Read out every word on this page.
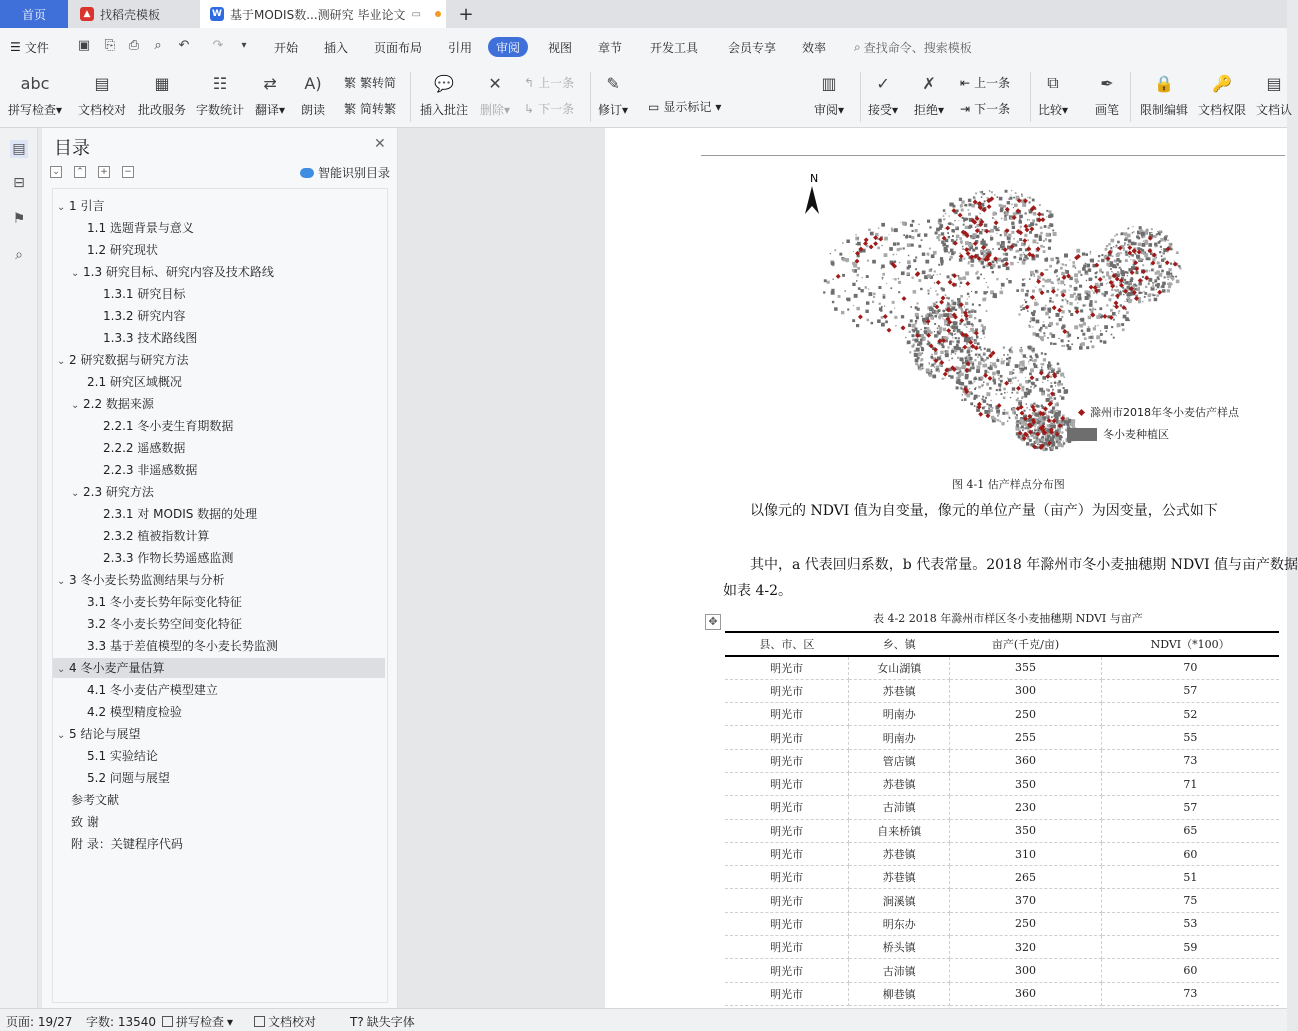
首页	▲ 找稻壳模板	W 基于MODIS数...测研究 毕业论文 ▭ +
☰ 文件 ▣ ⎘ ⎙	⌕	↶ ↷	▾	开始 插入 页面布局 引用 审阅 视图 章节 开发工具 会员专享 效率 ⌕ 查找命令、搜索模板
abc
拼写检查▾
▤
文档校对
▦
批改服务
☷
字数统计
⇄
翻译▾
A)
朗读
繁 繁转简
繁 简转繁
💬
插入批注
✕
删除▾
↰ 上一条
↳ 下一条
✎
修订▾ ▭ 显示标记 ▾
▥
审阅▾
✓
接受▾
✗
拒绝▾
⇤ 上一条
⇥ 下一条
⧉
比较▾
✒
画笔
🔒
限制编辑
🔑
文档权限
▤
文档认
▤
⊟
⚑
⌕
目录	✕
⌄ ⌃ + −	智能识别目录
⌄ 1 引言
1.1 选题背景与意义
1.2 研究现状
⌄ 1.3 研究目标、研究内容及技术路线
1.3.1 研究目标
1.3.2 研究内容
1.3.3 技术路线图
⌄ 2 研究数据与研究方法
2.1 研究区域概况
⌄ 2.2 数据来源
2.2.1 冬小麦生育期数据
2.2.2 遥感数据
2.2.3 非遥感数据
⌄ 2.3 研究方法
2.3.1 对 MODIS 数据的处理
2.3.2 植被指数计算
2.3.3 作物长势遥感监测
⌄ 3 冬小麦长势监测结果与分析
3.1 冬小麦长势年际变化特征
3.2 冬小麦长势空间变化特征
3.3 基于差值模型的冬小麦长势监测
⌄ 4 冬小麦产量估算
4.1 冬小麦估产模型建立
4.2 模型精度检验
⌄ 5 结论与展望
5.1 实验结论
5.2 问题与展望
参考文献
致 谢
附 录：关键程序代码
N
滁州市2018年冬小麦估产样点
冬小麦种植区
图 4-1 估产样点分布图
以像元的 NDVI 值为自变量，像元的单位产量（亩产）为因变量，公式如下
其中，a 代表回归系数，b 代表常量。2018 年滁州市冬小麦抽穗期 NDVI 值与亩产数据
如表 4-2。
✥	表 4-2 2018 年滁州市样区冬小麦抽穗期 NDVI 与亩产
县、市、区	乡、镇	亩产(千克/亩)	NDVI（*100）
明光市	女山湖镇	355	70
明光市	苏巷镇	300	57
明光市	明南办	250	52
明光市	明南办	255	55
明光市	管店镇	360	73
明光市	苏巷镇	350	71
明光市	古沛镇	230	57
明光市	自来桥镇	350	65
明光市	苏巷镇	310	60
明光市	苏巷镇	265	51
明光市	涧溪镇	370	75
明光市	明东办	250	53
明光市	桥头镇	320	59
明光市	古沛镇	300	60
明光市	柳巷镇	360	73
页面: 19/27 字数: 13540 拼写检查 ▾	文档校对	T? 缺失字体
